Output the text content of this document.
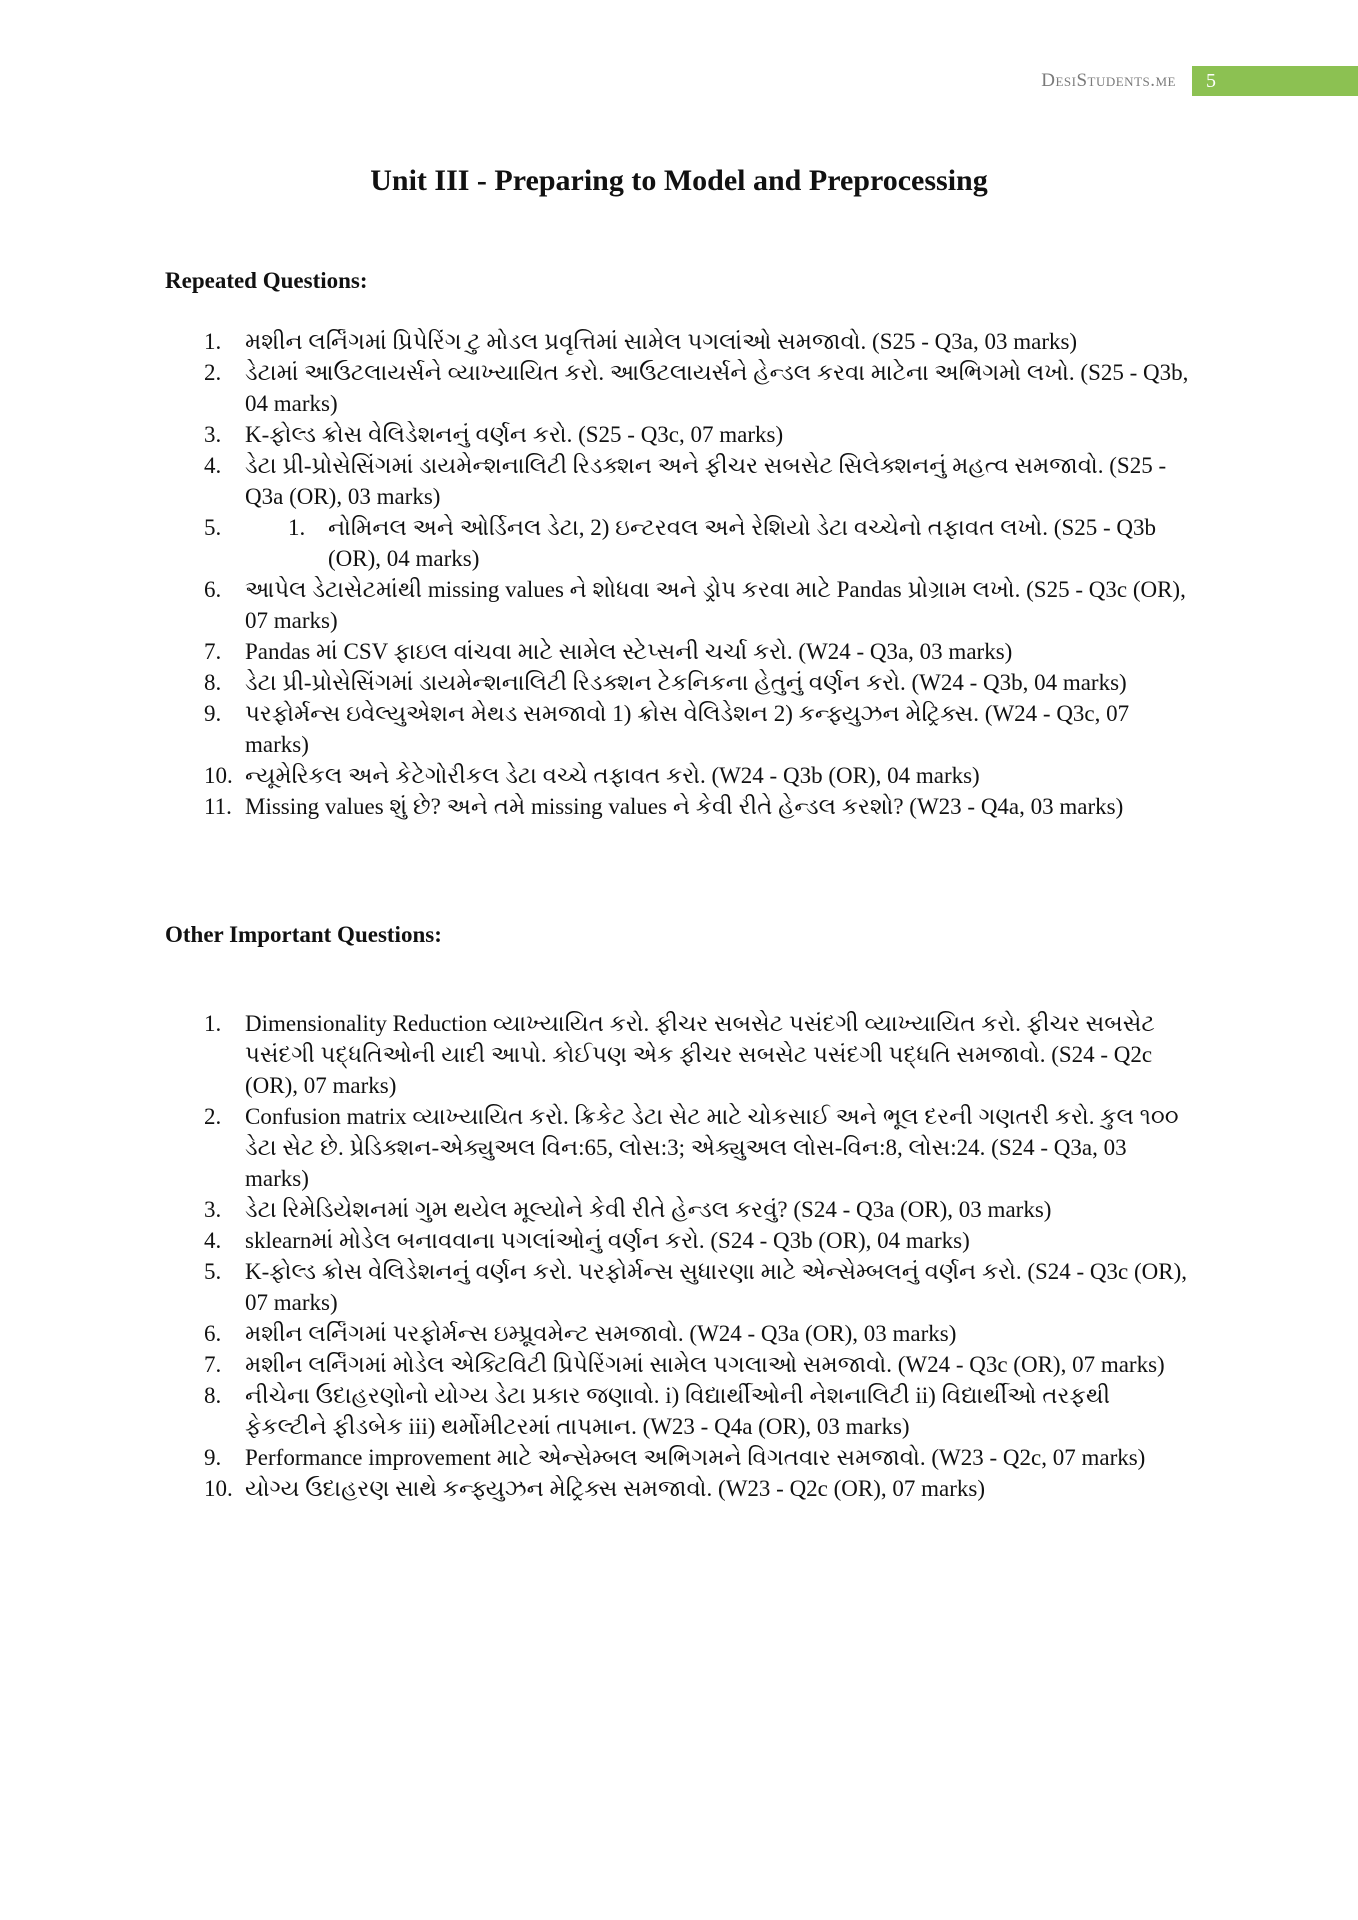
DesiStudents.me	5
Unit III - Preparing to Model and Preprocessing
Repeated Questions:
1.	મશીન લર્નિંગમાં પ્રિપેરિંગ ટુ મોડલ પ્રવૃત્તિમાં સામેલ પગલાંઓ સમજાવો. (S25 - Q3a, 03 marks)
2.	ડેટામાં આઉટલાયર્સને વ્યાખ્યાયિત કરો. આઉટલાયર્સને હેન્ડલ કરવા માટેના અભિગમો લખો. (S25 - Q3b, 04 marks)
3.	K-ફોલ્ડ ક્રોસ વેલિડેશનનું વર્ણન કરો. (S25 - Q3c, 07 marks)
4.	ડેટા પ્રી-પ્રોસેસિંગમાં ડાયમેન્શનાલિટી રિડક્શન અને ફીચર સબસેટ સિલેક્શનનું મહત્વ સમજાવો. (S25 - Q3a (OR), 03 marks)
5.	1. નોમિનલ અને ઓર્ડિનલ ડેટા, 2) ઇન્ટરવલ અને રેશિયો ડેટા વચ્ચેનો તફાવત લખો. (S25 - Q3b (OR), 04 marks)
6.	આપેલ ડેટાસેટમાંથી missing values ને શોધવા અને ડ્રોપ કરવા માટે Pandas પ્રોગ્રામ લખો. (S25 - Q3c (OR), 07 marks)
7.	Pandas માં CSV ફાઇલ વાંચવા માટે સામેલ સ્ટેપ્સની ચર્ચા કરો. (W24 - Q3a, 03 marks)
8.	ડેટા પ્રી-પ્રોસેસિંગમાં ડાયમેન્શનાલિટી રિડક્શન ટેકનિકના હેતુનું વર્ણન કરો. (W24 - Q3b, 04 marks)
9.	પરફોર્મન્સ ઇવેલ્યુએશન મેથડ સમજાવો 1) ક્રોસ વેલિડેશન 2) કન્ફ્યુઝન મેટ્રિક્સ. (W24 - Q3c, 07 marks)
10. ન્યૂમેરિકલ અને કેટેગોરીકલ ડેટા વચ્ચે તફાવત કરો. (W24 - Q3b (OR), 04 marks)
11. Missing values શું છે? અને તમે missing values ને કેવી રીતે હેન્ડલ કરશો? (W23 - Q4a, 03 marks)
Other Important Questions:
1.	Dimensionality Reduction વ્યાખ્યાયિત કરો. ફીચર સબસેટ પસંદગી વ્યાખ્યાયિત કરો. ફીચર સબસેટ પસંદગી પદ્ધતિઓની યાદી આપો. કોઈપણ એક ફીચર સબસેટ પસંદગી પદ્ધતિ સમજાવો. (S24 - Q2c (OR), 07 marks)
2.	Confusion matrix વ્યાખ્યાયિત કરો. ક્રિકેટ ડેટા સેટ માટે ચોકસાઈ અને ભૂલ દરની ગણતરી કરો. કુલ ૧૦૦ ડેટા સેટ છે. પ્રેડિક્શન-એક્યુઅલ વિન:65, લોસ:3; એક્યુઅલ લોસ-વિન:8, લોસ:24. (S24 - Q3a, 03 marks)
3.	ડેટા રિમેડિયેશનમાં ગુમ થયેલ મૂલ્યોને કેવી રીતે હેન્ડલ કરવું? (S24 - Q3a (OR), 03 marks)
4.	sklearnમાં મોડેલ બનાવવાના પગલાંઓનું વર્ણન કરો. (S24 - Q3b (OR), 04 marks)
5.	K-ફોલ્ડ ક્રોસ વેલિડેશનનું વર્ણન કરો. પરફોર્મન્સ સુધારણા માટે એન્સેમ્બલનું વર્ણન કરો. (S24 - Q3c (OR), 07 marks)
6.	મશીન લર્નિંગમાં પરફોર્મન્સ ઇમ્પ્રૂવમેન્ટ સમજાવો. (W24 - Q3a (OR), 03 marks)
7.	મશીન લર્નિંગમાં મોડેલ એક્ટિવિટી પ્રિપેરિંગમાં સામેલ પગલાઓ સમજાવો. (W24 - Q3c (OR), 07 marks)
8.	નીચેના ઉદાહરણોનો યોગ્ય ડેટા પ્રકાર જણાવો. i) વિદ્યાર્થીઓની નેશનાલિટી ii) વિદ્યાર્થીઓ તરફથી ફેકલ્ટીને ફીડબેક iii) થર્મોમીટરમાં તાપમાન. (W23 - Q4a (OR), 03 marks)
9.	Performance improvement માટે એન્સેમ્બલ અભિગમને વિગતવાર સમજાવો. (W23 - Q2c, 07 marks)
10. યોગ્ય ઉદાહરણ સાથે કન્ફ્યુઝન મેટ્રિક્સ સમજાવો. (W23 - Q2c (OR), 07 marks)
